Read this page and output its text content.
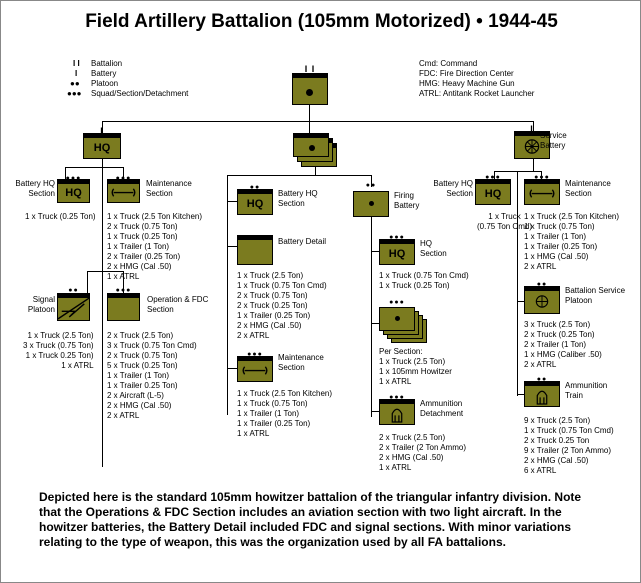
Field Artillery Battalion (105mm Motorized) • 1944-45
I I Battalion
I Battery
●● Platoon
●●● Squad/Section/Detachment
Cmd: Command
FDC: Fire Direction Center
HMG: Heavy Machine Gun
ATRL: Antitank Rocket Launcher
I I
I
HQ
●●●
HQ
Battery HQ
Section
1 x Truck (0.25 Ton)
●●●
Maintenance
Section
1 x Truck (2.5 Ton Kitchen)
2 x Truck (0.75 Ton)
1 x Truck (0.25 Ton)
1 x Trailer (1 Ton)
2 x Trailer (0.25 Ton)
2 x HMG (Cal .50)
1 x ATRL
●●
Signal
Platoon
1 x Truck (2.5 Ton)
3 x Truck (0.75 Ton)
1 x Truck 0.25 Ton)
1 x ATRL
●●●
Operation & FDC
Section
2 x Truck (2.5 Ton)
3 x Truck (0.75 Ton Cmd)
2 x Truck (0.75 Ton)
5 x Truck (0.25 Ton)
1 x Trailer (1 Ton)
1 x Trailer 0.25 Ton)
2 x Aircraft (L-5)
2 x HMG (Cal .50)
2 x ATRL
●●
HQ
Battery HQ
Section
Battery Detail
1 x Truck (2.5 Ton)
1 x Truck (0.75 Ton Cmd)
2 x Truck (0.75 Ton)
2 x Truck (0.25 Ton)
1 x Trailer (0.25 Ton)
2 x HMG (Cal .50)
2 x ATRL
●●●	Maintenance
Section
1 x Truck (2.5 Ton Kitchen)
1 x Truck (0.75 Ton)
1 x Trailer (1 Ton)
1 x Trailer (0.25 Ton)
1 x ATRL
●●
Firing
Battery
●●●
HQ
HQ
Section
1 x Truck (0.75 Ton Cmd)
1 x Truck (0.25 Ton)
●●●
Per Section:
1 x Truck (2.5 Ton)
1 x 105mm Howitzer
1 x ATRL
●●●
Ammunition
Detachment
2 x Truck (2.5 Ton)
2 x Trailer (2 Ton Ammo)
2 x HMG (Cal .50)
1 x ATRL
I
Service
Battery
●●●
HQ
Battery HQ
Section
1 x Truck
(0.75 Ton Cmd)
●●●
Maintenance
Section
1 x Truck (2.5 Ton Kitchen)
1 x Truck (0.75 Ton)
1 x Trailer (1 Ton)
1 x Trailer (0.25 Ton)
1 x HMG (Cal .50)
2 x ATRL
●●
Battalion Service
Platoon
3 x Truck (2.5 Ton)
2 x Truck (0.25 Ton)
2 x Trailer (1 Ton)
1 x HMG (Caliber .50)
2 x ATRL
●●
Ammunition
Train
9 x Truck (2.5 Ton)
1 x Truck (0.75 Ton Cmd)
2 x Truck 0.25 Ton
9 x Trailer (2 Ton Ammo)
2 x HMG (Cal .50)
6 x ATRL
Depicted here is the standard 105mm howitzer battalion of the triangular infantry division. Note that the Operations & FDC Section includes an aviation section with two light aircraft. In the howitzer batteries, the Battery Detail included FDC and signal sections. With minor variations relating to the type of weapon, this was the organization used by all FA battalions.
